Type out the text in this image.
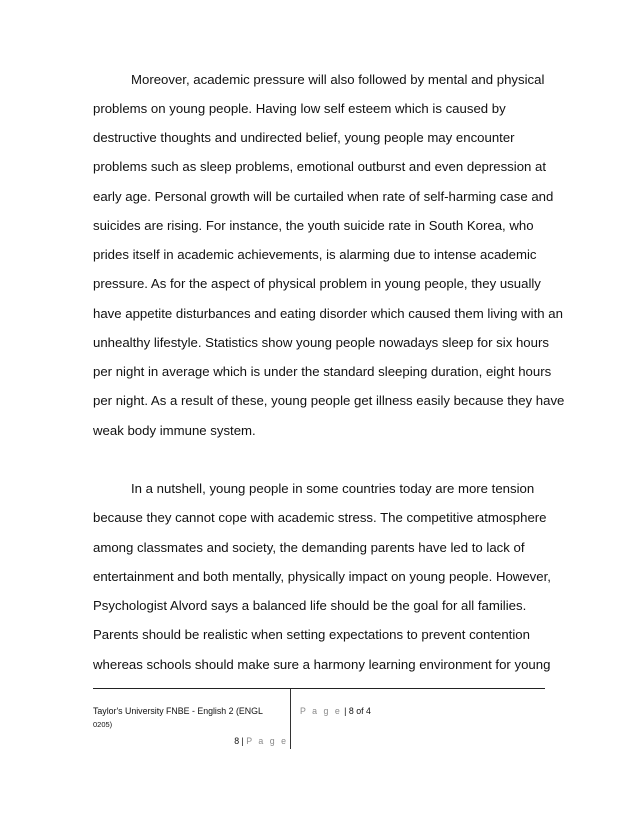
Moreover, academic pressure will also followed by mental and physical
problems on young people. Having low self esteem which is caused by
destructive thoughts and undirected belief, young people may encounter
problems such as sleep problems, emotional outburst and even depression at
early age. Personal growth will be curtailed when rate of self-harming case and
suicides are rising. For instance, the youth suicide rate in South Korea, who
prides itself in academic achievements, is alarming due to intense academic
pressure. As for the aspect of physical problem in young people, they usually
have appetite disturbances and eating disorder which caused them living with an
unhealthy lifestyle. Statistics show young people nowadays sleep for six hours
per night in average which is under the standard sleeping duration, eight hours
per night. As a result of these, young people get illness easily because they have
weak body immune system.
In a nutshell, young people in some countries today are more tension
because they cannot cope with academic stress. The competitive atmosphere
among classmates and society, the demanding parents have led to lack of
entertainment and both mentally, physically impact on young people. However,
Psychologist Alvord says a balanced life should be the goal for all families.
Parents should be realistic when setting expectations to prevent contention
whereas schools should make sure a harmony learning environment for young
Taylor's University FNBE - English 2 (ENGL
0205)
P a g e | 8 of 4
8 | P a g e
